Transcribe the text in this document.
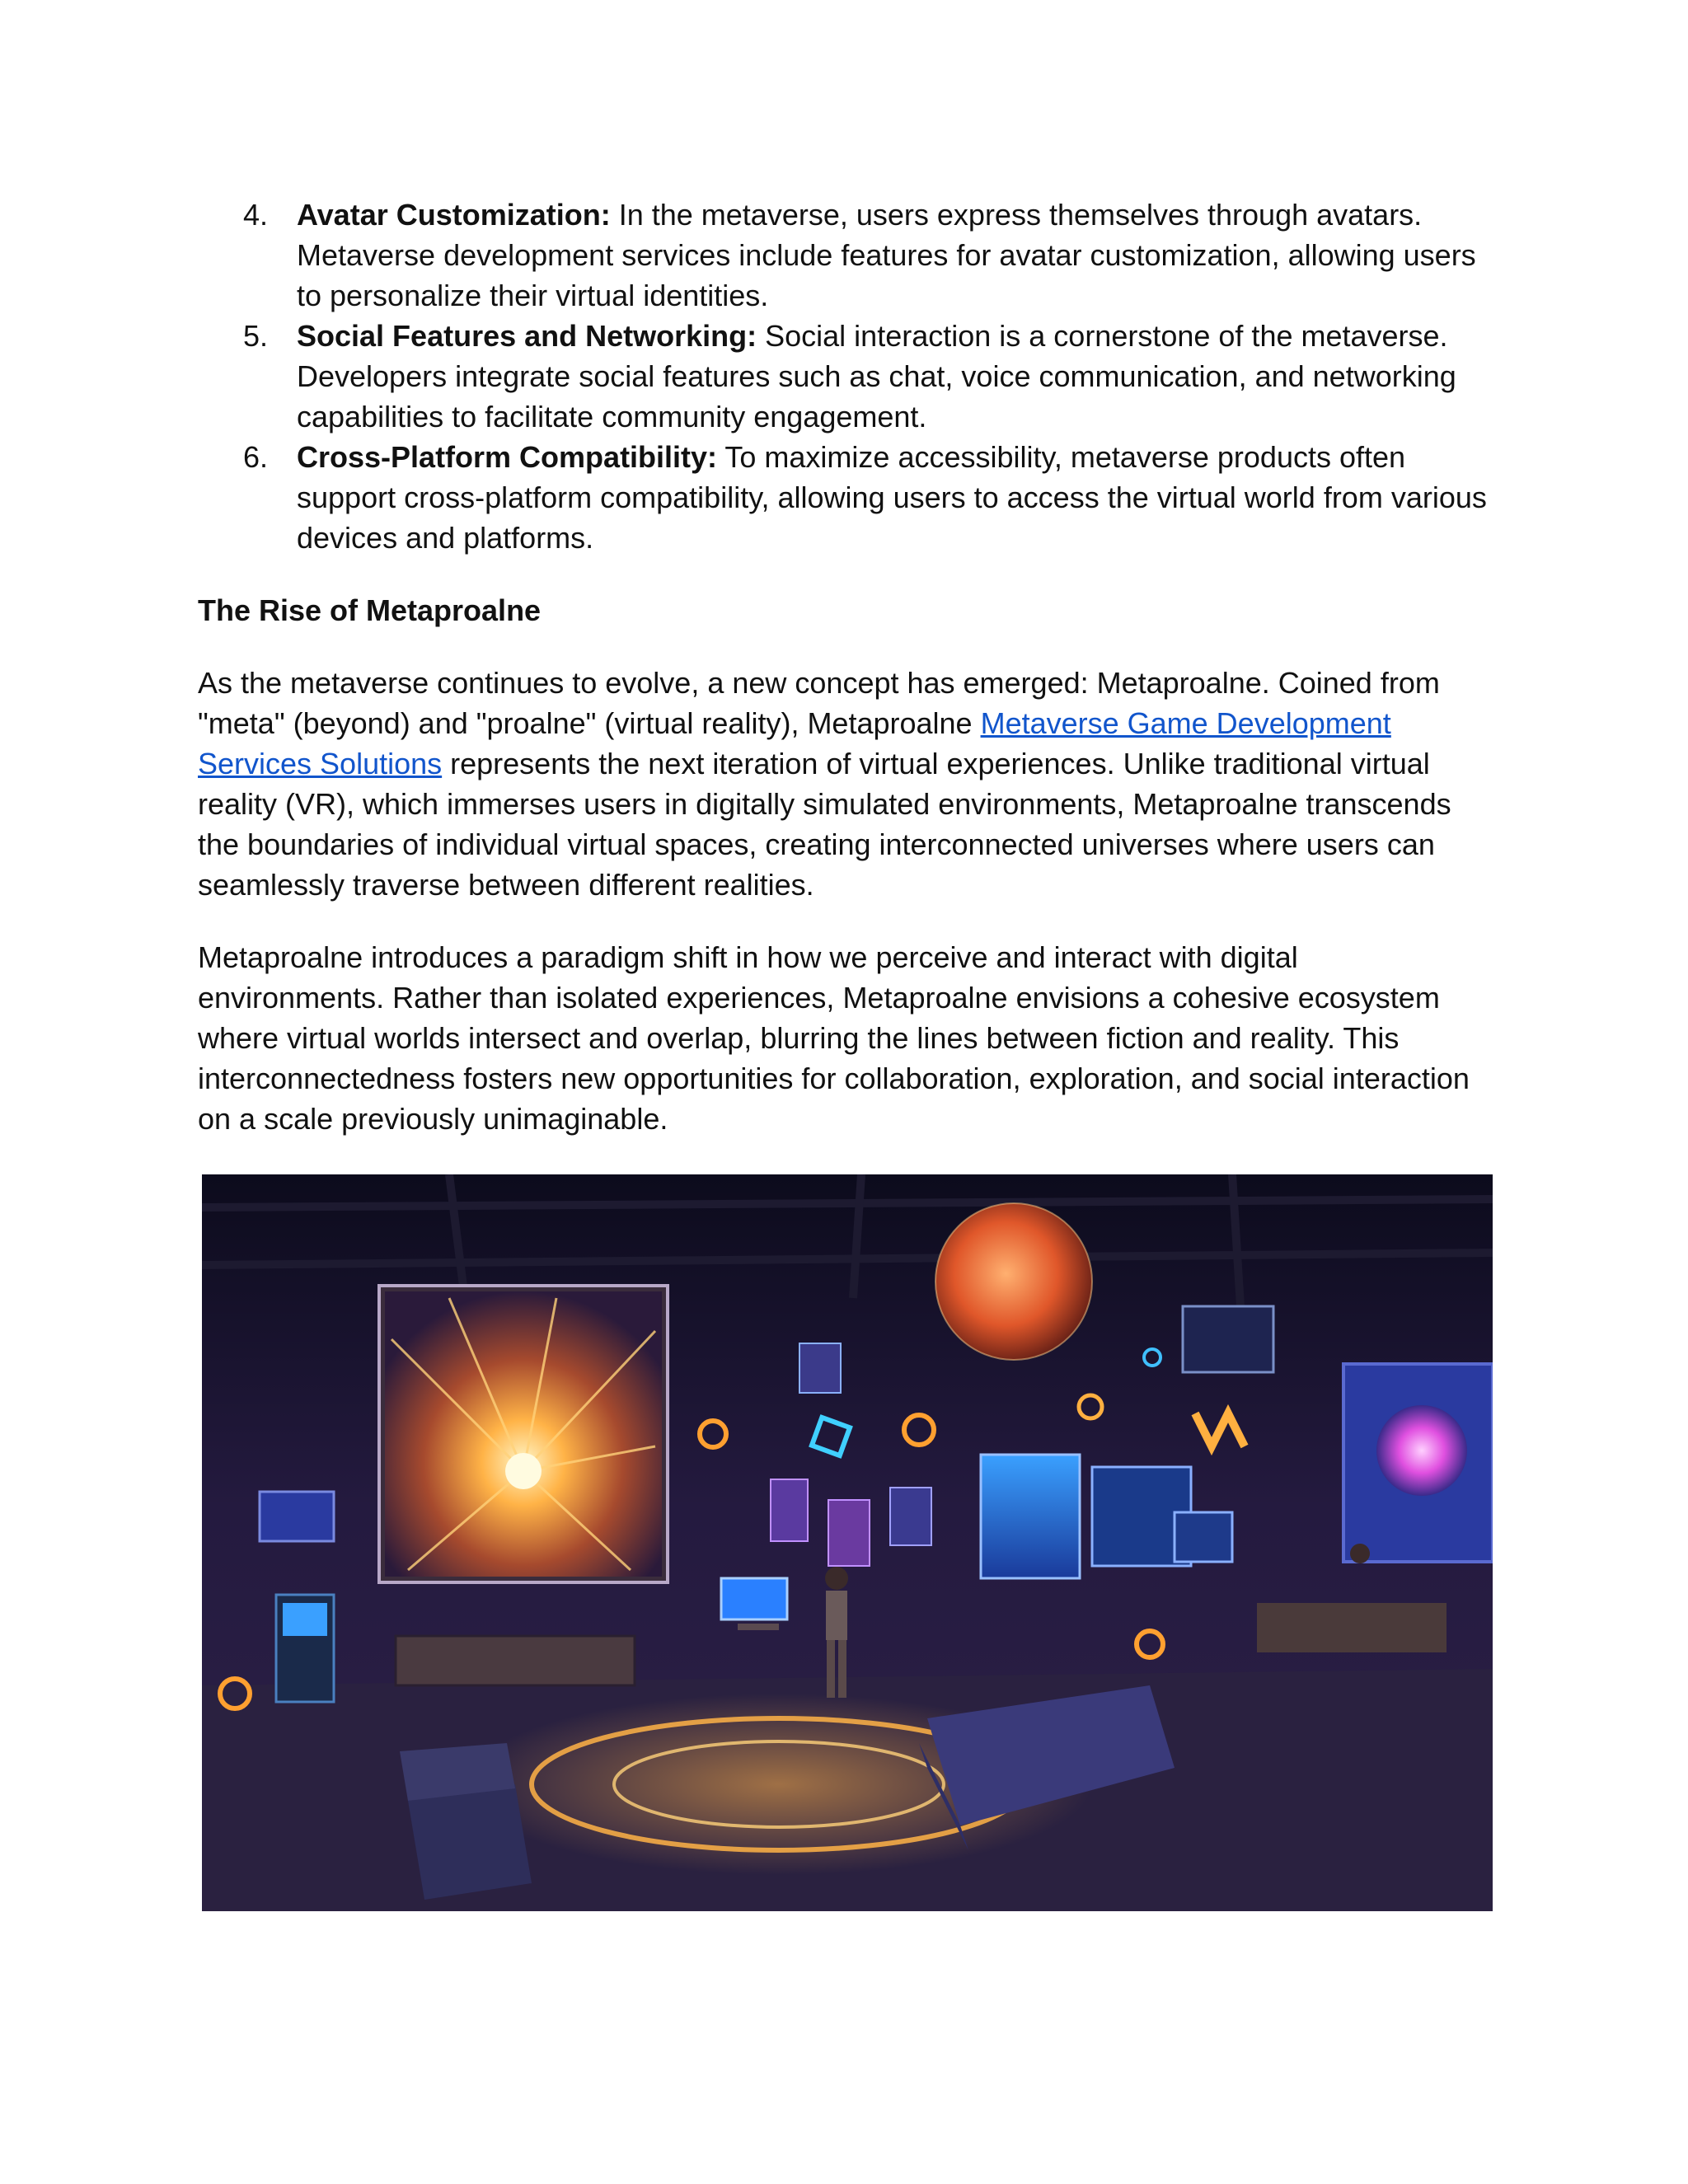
4. Avatar Customization: In the metaverse, users express themselves through avatars. Metaverse development services include features for avatar customization, allowing users to personalize their virtual identities.
5. Social Features and Networking: Social interaction is a cornerstone of the metaverse. Developers integrate social features such as chat, voice communication, and networking capabilities to facilitate community engagement.
6. Cross-Platform Compatibility: To maximize accessibility, metaverse products often support cross-platform compatibility, allowing users to access the virtual world from various devices and platforms.

The Rise of Metaproalne

As the metaverse continues to evolve, a new concept has emerged: Metaproalne. Coined from "meta" (beyond) and "proalne" (virtual reality), Metaproalne Metaverse Game Development Services Solutions represents the next iteration of virtual experiences. Unlike traditional virtual reality (VR), which immerses users in digitally simulated environments, Metaproalne transcends the boundaries of individual virtual spaces, creating interconnected universes where users can seamlessly traverse between different realities.

Metaproalne introduces a paradigm shift in how we perceive and interact with digital environments. Rather than isolated experiences, Metaproalne envisions a cohesive ecosystem where virtual worlds intersect and overlap, blurring the lines between fiction and reality. This interconnectedness fosters new opportunities for collaboration, exploration, and social interaction on a scale previously unimaginable.
